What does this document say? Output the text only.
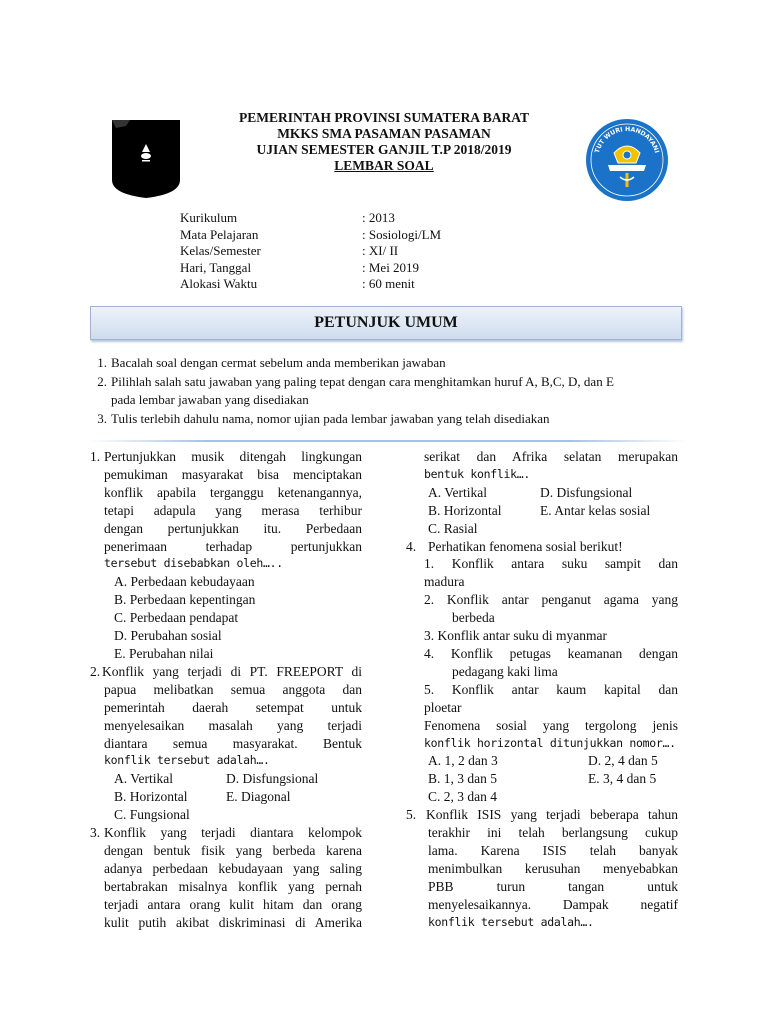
PEMERINTAH PROVINSI SUMATERA BARAT
MKKS SMA PASAMAN PASAMAN
UJIAN SEMESTER GANJIL T.P 2018/2019
LEMBAR SOAL
TUT WURI HANDAYANI
Kurikulum	: 2013
Mata Pelajaran	: Sosiologi/LM
Kelas/Semester	: XI/ II
Hari, Tanggal	: Mei 2019
Alokasi Waktu	: 60 menit
PETUNJUK UMUM
1. Bacalah soal dengan cermat sebelum anda memberikan jawaban
2. Pilihlah salah satu jawaban yang paling tepat dengan cara menghitamkan huruf A, B,C, D, dan E
pada lembar jawaban yang disediakan
3. Tulis terlebih dahulu nama, nomor ujian pada lembar jawaban yang telah disediakan
1. Pertunjukkan musik ditengah lingkungan
pemukiman masyarakat bisa menciptakan
konflik apabila terganggu ketenangannya,
tetapi adapula yang merasa terhibur
dengan pertunjukkan itu. Perbedaan
penerimaan terhadap pertunjukkan
tersebut disebabkan oleh…..
A. Perbedaan kebudayaan
B. Perbedaan kepentingan
C. Perbedaan pendapat
D. Perubahan sosial
E. Perubahan nilai
2. Konflik yang terjadi di PT. FREEPORT di
papua melibatkan semua anggota dan
pemerintah daerah setempat untuk
menyelesaikan masalah yang terjadi
diantara semua masyarakat. Bentuk
konflik tersebut adalah….
A. Vertikal	D. Disfungsional
B. Horizontal	E. Diagonal
C. Fungsional
3. Konflik yang terjadi diantara kelompok
dengan bentuk fisik yang berbeda karena
adanya perbedaan kebudayaan yang saling
bertabrakan misalnya konflik yang pernah
terjadi antara orang kulit hitam dan orang
kulit putih akibat diskriminasi di Amerika
serikat dan Afrika selatan merupakan
bentuk konflik….
A. Vertikal	D. Disfungsional
B. Horizontal	E. Antar kelas sosial
C. Rasial
4. Perhatikan fenomena sosial berikut!
1. Konflik antara suku sampit dan
madura
2. Konflik antar penganut agama yang
berbeda
3. Konflik antar suku di myanmar
4. Konflik petugas keamanan dengan
pedagang kaki lima
5. Konflik antar kaum kapital dan
ploetar
Fenomena sosial yang tergolong jenis
konflik horizontal ditunjukkan nomor….
A. 1, 2 dan 3	D. 2, 4 dan 5
B. 1, 3 dan 5	E. 3, 4 dan 5
C. 2, 3 dan 4
5. Konflik ISIS yang terjadi beberapa tahun
terakhir ini telah berlangsung cukup
lama. Karena ISIS telah banyak
menimbulkan kerusuhan menyebabkan
PBB turun tangan untuk
menyelesaikannya. Dampak negatif
konflik tersebut adalah….
